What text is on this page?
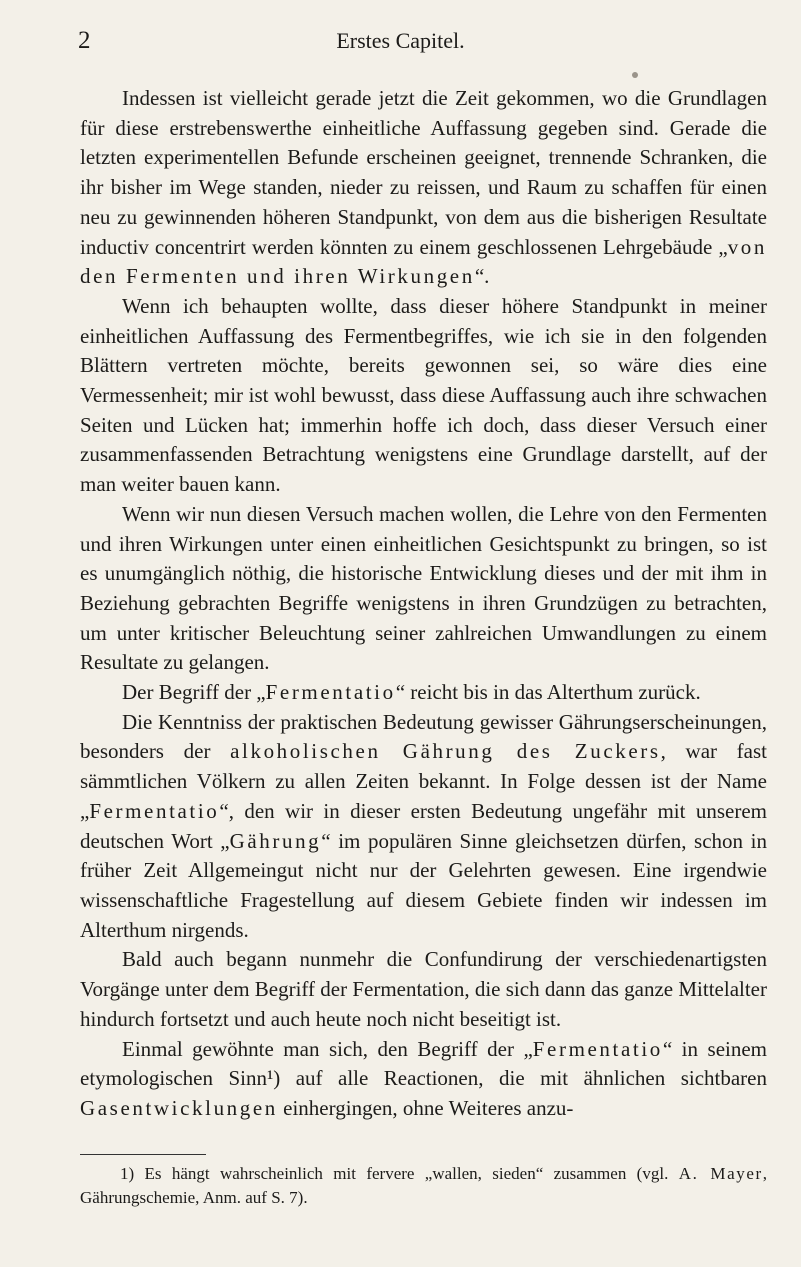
2	Erstes Capitel.

Indessen ist vielleicht gerade jetzt die Zeit gekommen, wo die Grundlagen für diese erstrebenswerthe einheitliche Auffassung gegeben sind. Gerade die letzten experimentellen Befunde erscheinen geeignet, trennende Schranken, die ihr bisher im Wege standen, nieder zu reissen, und Raum zu schaffen für einen neu zu gewinnenden höheren Standpunkt, von dem aus die bisherigen Resultate inductiv concentrirt werden könnten zu einem geschlossenen Lehrgebäude „von den Fermenten und ihren Wirkungen“.

Wenn ich behaupten wollte, dass dieser höhere Standpunkt in meiner einheitlichen Auffassung des Fermentbegriffes, wie ich sie in den folgenden Blättern vertreten möchte, bereits gewonnen sei, so wäre dies eine Vermessenheit; mir ist wohl bewusst, dass diese Auffassung auch ihre schwachen Seiten und Lücken hat; immerhin hoffe ich doch, dass dieser Versuch einer zusammenfassenden Betrachtung wenigstens eine Grundlage darstellt, auf der man weiter bauen kann.

Wenn wir nun diesen Versuch machen wollen, die Lehre von den Fermenten und ihren Wirkungen unter einen einheitlichen Gesichtspunkt zu bringen, so ist es unumgänglich nöthig, die historische Entwicklung dieses und der mit ihm in Beziehung gebrachten Begriffe wenigstens in ihren Grundzügen zu betrachten, um unter kritischer Beleuchtung seiner zahlreichen Umwandlungen zu einem Resultate zu gelangen.

Der Begriff der „Fermentatio“ reicht bis in das Alterthum zurück.

Die Kenntniss der praktischen Bedeutung gewisser Gährungserscheinungen, besonders der alkoholischen Gährung des Zuckers, war fast sämmtlichen Völkern zu allen Zeiten bekannt. In Folge dessen ist der Name „Fermentatio“, den wir in dieser ersten Bedeutung ungefähr mit unserem deutschen Wort „Gährung“ im populären Sinne gleichsetzen dürfen, schon in früher Zeit Allgemeingut nicht nur der Gelehrten gewesen. Eine irgendwie wissenschaftliche Fragestellung auf diesem Gebiete finden wir indessen im Alterthum nirgends.

Bald auch begann nunmehr die Confundirung der verschiedenartigsten Vorgänge unter dem Begriff der Fermentation, die sich dann das ganze Mittelalter hindurch fortsetzt und auch heute noch nicht beseitigt ist.

Einmal gewöhnte man sich, den Begriff der „Fermentatio“ in seinem etymologischen Sinn¹) auf alle Reactionen, die mit ähnlichen sichtbaren Gasentwicklungen einhergingen, ohne Weiteres anzu-

1) Es hängt wahrscheinlich mit fervere „wallen, sieden“ zusammen (vgl. A. Mayer, Gährungschemie, Anm. auf S. 7).
